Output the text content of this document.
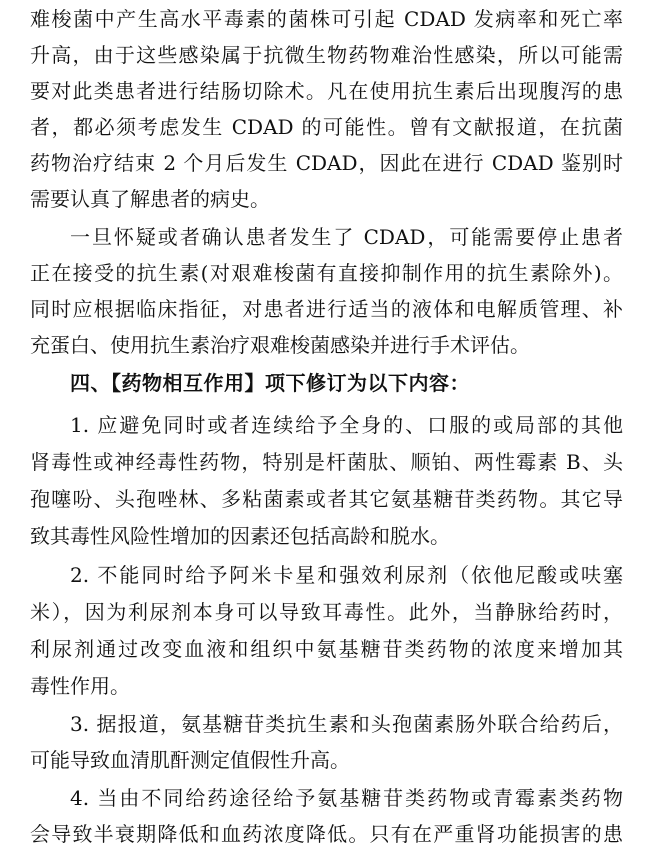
难梭菌中产生高水平毒素的菌株可引起 CDAD 发病率和死亡率
升高，由于这些感染属于抗微生物药物难治性感染，所以可能需
要对此类患者进行结肠切除术。凡在使用抗生素后出现腹泻的患
者，都必须考虑发生 CDAD 的可能性。曾有文献报道，在抗菌
药物治疗结束 2 个月后发生 CDAD，因此在进行 CDAD 鉴别时
需要认真了解患者的病史。
一旦怀疑或者确认患者发生了 CDAD，可能需要停止患者
正在接受的抗生素(对艰难梭菌有直接抑制作用的抗生素除外)。
同时应根据临床指征，对患者进行适当的液体和电解质管理、补
充蛋白、使用抗生素治疗艰难梭菌感染并进行手术评估。
四、【药物相互作用】项下修订为以下内容：
1. 应避免同时或者连续给予全身的、口服的或局部的其他
肾毒性或神经毒性药物，特别是杆菌肽、顺铂、两性霉素 B、头
孢噻吩、头孢唑林、多粘菌素或者其它氨基糖苷类药物。其它导
致其毒性风险性增加的因素还包括高龄和脱水。
2. 不能同时给予阿米卡星和强效利尿剂（依他尼酸或呋塞
米），因为利尿剂本身可以导致耳毒性。此外，当静脉给药时，
利尿剂通过改变血液和组织中氨基糖苷类药物的浓度来增加其
毒性作用。
3. 据报道，氨基糖苷类抗生素和头孢菌素肠外联合给药后，
可能导致血清肌酐测定值假性升高。
4. 当由不同给药途径给予氨基糖苷类药物或青霉素类药物
会导致半衰期降低和血药浓度降低。只有在严重肾功能损害的患
